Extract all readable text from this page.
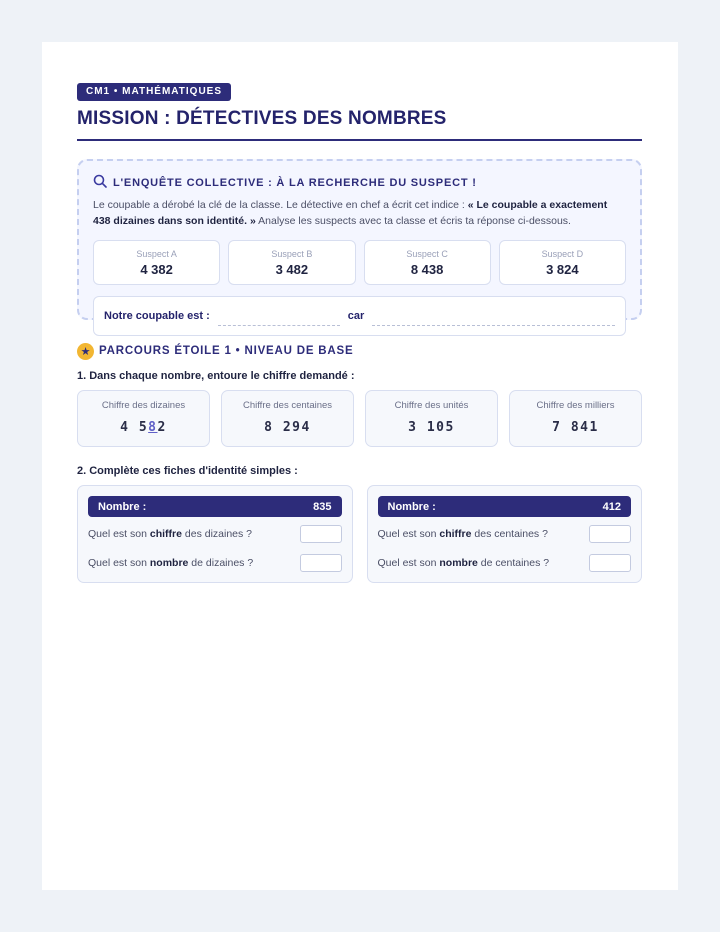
CM1 • MATHÉMATIQUES
MISSION : DÉTECTIVES DES NOMBRES
L'ENQUÊTE COLLECTIVE : À LA RECHERCHE DU SUSPECT !
Le coupable a dérobé la clé de la classe. Le détective en chef a écrit cet indice : « Le coupable a exactement 438 dizaines dans son identité. » Analyse les suspects avec ta classe et écris ta réponse ci-dessous.
Suspect A
4 382
Suspect B
3 482
Suspect C
8 438
Suspect D
3 824
Notre coupable est :	car
★ PARCOURS ÉTOILE 1 • NIVEAU DE BASE
1. Dans chaque nombre, entoure le chiffre demandé :
Chiffre des dizaines
4 582
Chiffre des centaines
8 294
Chiffre des unités
3 105
Chiffre des milliers
7 841
2. Complète ces fiches d'identité simples :
Nombre :	835
Quel est son chiffre des dizaines ?
Quel est son nombre de dizaines ?
Nombre :	412
Quel est son chiffre des centaines ?
Quel est son nombre de centaines ?
